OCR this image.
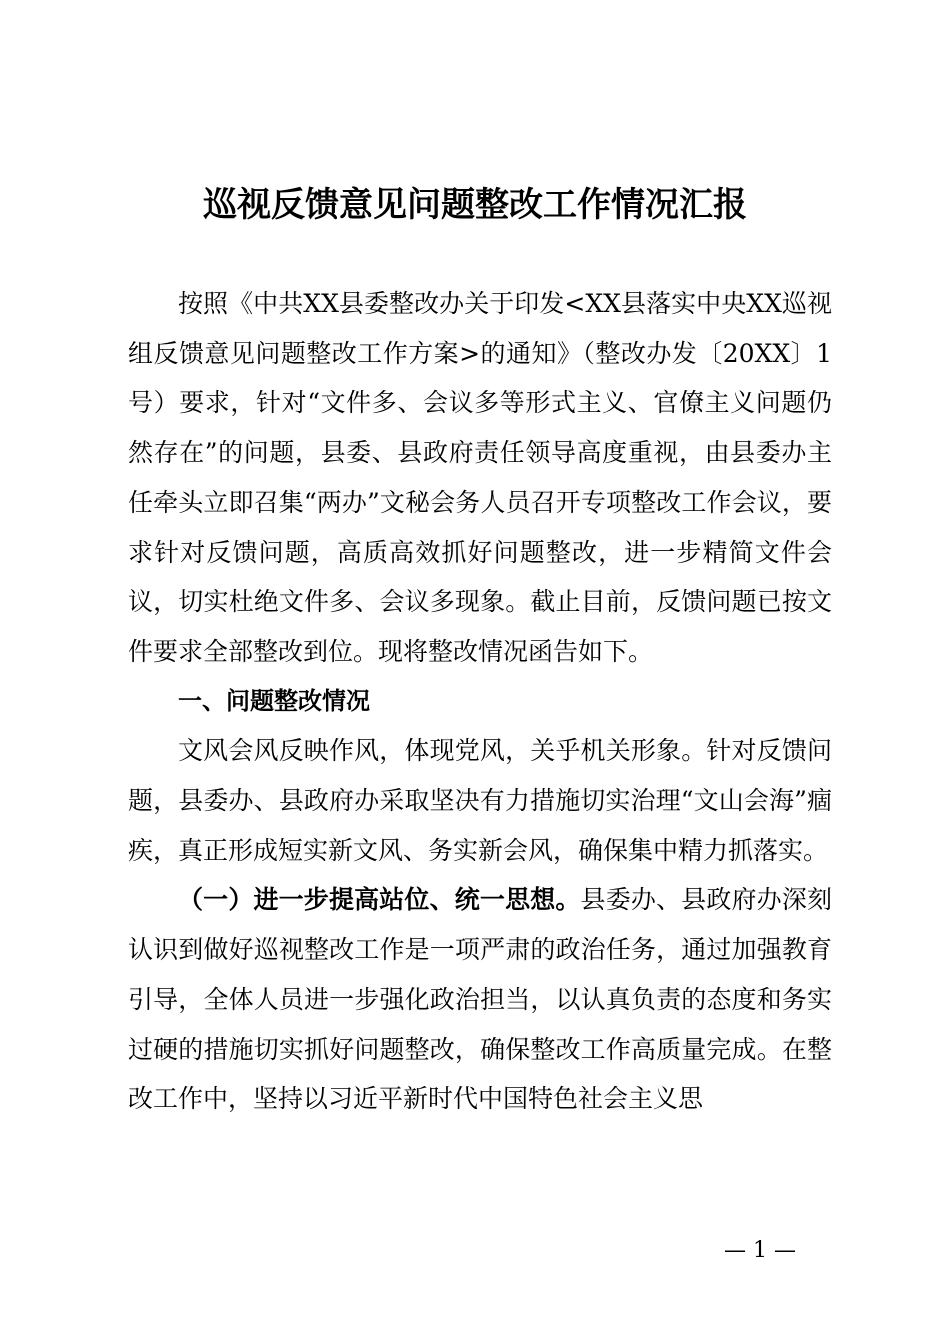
巡视反馈意见问题整改工作情况汇报

按照《中共XX县委整改办关于印发<XX县落实中央XX巡视组反馈意见问题整改工作方案>的通知》（整改办发〔20XX〕1号）要求，针对“文件多、会议多等形式主义、官僚主义问题仍然存在”的问题，县委、县政府责任领导高度重视，由县委办主任牵头立即召集“两办”文秘会务人员召开专项整改工作会议，要求针对反馈问题，高质高效抓好问题整改，进一步精简文件会议，切实杜绝文件多、会议多现象。截止目前，反馈问题已按文件要求全部整改到位。现将整改情况函告如下。

一、问题整改情况

文风会风反映作风，体现党风，关乎机关形象。针对反馈问题，县委办、县政府办采取坚决有力措施切实治理“文山会海”痼疾，真正形成短实新文风、务实新会风，确保集中精力抓落实。

（一）进一步提高站位、统一思想。县委办、县政府办深刻认识到做好巡视整改工作是一项严肃的政治任务，通过加强教育引导，全体人员进一步强化政治担当，以认真负责的态度和务实过硬的措施切实抓好问题整改，确保整改工作高质量完成。在整改工作中，坚持以习近平新时代中国特色社会主义思

— 1 —
